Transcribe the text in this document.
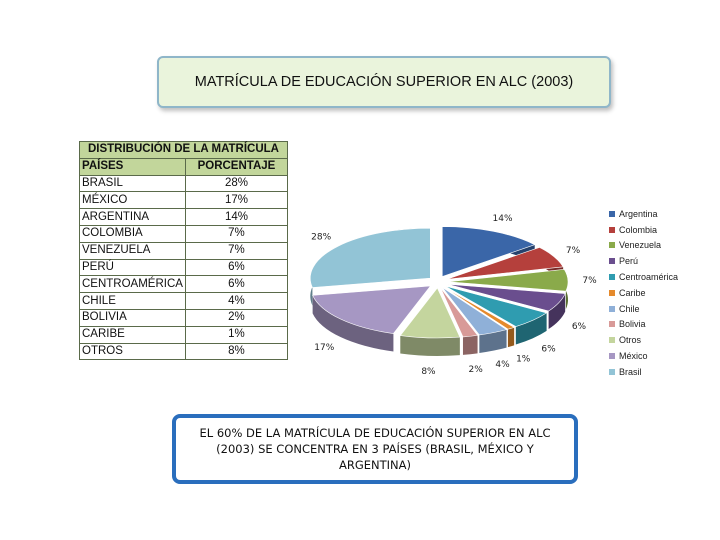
MATRÍCULA DE EDUCACIÓN SUPERIOR EN ALC (2003)
DISTRIBUCIÓN DE LA MATRÍCULA	
PAÍSES	PORCENTAJE
BRASIL	28%
MÉXICO	17%
ARGENTINA	14%
COLOMBIA	7%
VENEZUELA	7%
PERÚ	6%
CENTROAMÉRICA	6%
CHILE	4%
BOLIVIA	2%
CARIBE	1%
OTROS	8%
14%
7%
7%
6%
6%
1%
4%
2%
8%
17%
28%
Argentina
Colombia
Venezuela
Perú
Centroamérica
Caribe
Chile
Bolivia
Otros
México
Brasil
EL 60% DE LA MATRÍCULA DE EDUCACIÓN SUPERIOR EN ALC (2003) SE CONCENTRA EN 3 PAÍSES (BRASIL, MÉXICO Y ARGENTINA)
